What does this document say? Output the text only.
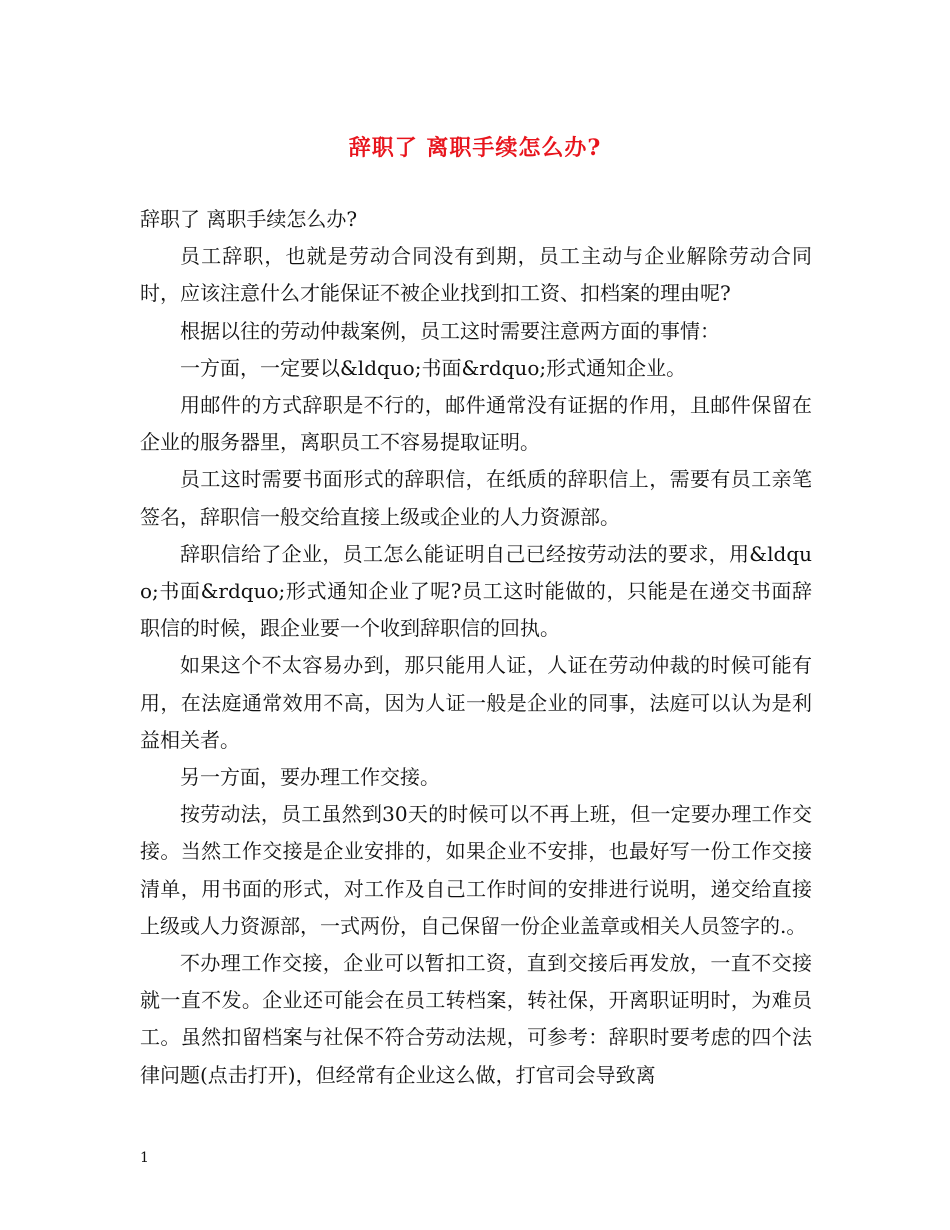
辞职了 离职手续怎么办?

辞职了 离职手续怎么办?

员工辞职，也就是劳动合同没有到期，员工主动与企业解除劳动合同时，应该注意什么才能保证不被企业找到扣工资、扣档案的理由呢?

根据以往的劳动仲裁案例，员工这时需要注意两方面的事情：

一方面，一定要以&ldquo;书面&rdquo;形式通知企业。

用邮件的方式辞职是不行的，邮件通常没有证据的作用，且邮件保留在企业的服务器里，离职员工不容易提取证明。

员工这时需要书面形式的辞职信，在纸质的辞职信上，需要有员工亲笔签名，辞职信一般交给直接上级或企业的人力资源部。

辞职信给了企业，员工怎么能证明自己已经按劳动法的要求，用&ldquo;书面&rdquo;形式通知企业了呢?员工这时能做的，只能是在递交书面辞职信的时候，跟企业要一个收到辞职信的回执。

如果这个不太容易办到，那只能用人证，人证在劳动仲裁的时候可能有用，在法庭通常效用不高，因为人证一般是企业的同事，法庭可以认为是利益相关者。

另一方面，要办理工作交接。

按劳动法，员工虽然到30天的时候可以不再上班，但一定要办理工作交接。当然工作交接是企业安排的，如果企业不安排，也最好写一份工作交接清单，用书面的形式，对工作及自己工作时间的安排进行说明，递交给直接上级或人力资源部，一式两份，自己保留一份企业盖章或相关人员签字的.。

不办理工作交接，企业可以暂扣工资，直到交接后再发放，一直不交接就一直不发。企业还可能会在员工转档案，转社保，开离职证明时，为难员工。虽然扣留档案与社保不符合劳动法规，可参考：辞职时要考虑的四个法律问题(点击打开)，但经常有企业这么做，打官司会导致离

1
